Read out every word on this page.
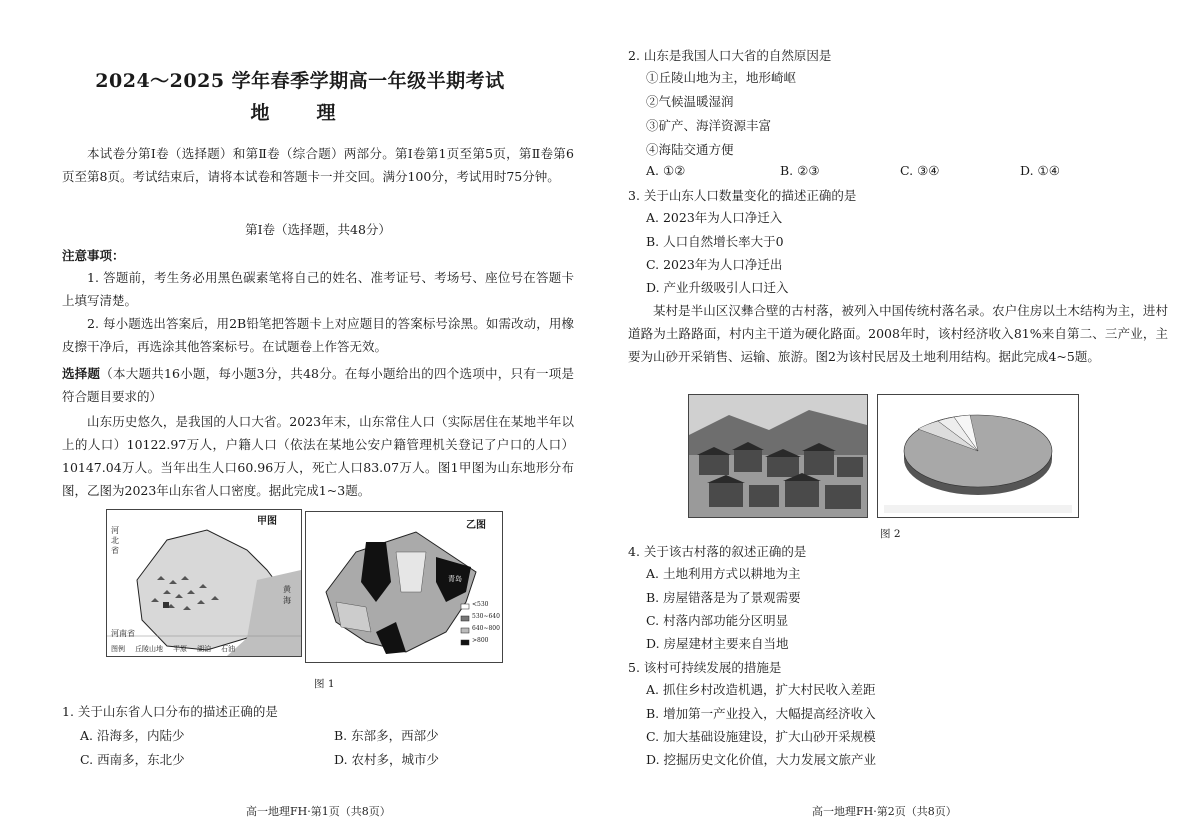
2024～2025 学年春季学期高一年级半期考试
地　理
本试卷分第Ⅰ卷（选择题）和第Ⅱ卷（综合题）两部分。第Ⅰ卷第1页至第5页，第Ⅱ卷第6页至第8页。考试结束后，请将本试卷和答题卡一并交回。满分100分，考试用时75分钟。
第Ⅰ卷（选择题，共48分）
注意事项：
1. 答题前，考生务必用黑色碳素笔将自己的姓名、准考证号、考场号、座位号在答题卡上填写清楚。
2. 每小题选出答案后，用2B铅笔把答题卡上对应题目的答案标号涂黑。如需改动，用橡皮擦干净后，再选涂其他答案标号。在试题卷上作答无效。
选择题（本大题共16小题，每小题3分，共48分。在每小题给出的四个选项中，只有一项是符合题目要求的）
山东历史悠久，是我国的人口大省。2023年末，山东常住人口（实际居住在某地半年以上的人口）10122.97万人，户籍人口（依法在某地公安户籍管理机关登记了户口的人口）10147.04万人。当年出生人口60.96万人，死亡人口83.07万人。图1甲图为山东地形分布图，乙图为2023年山东省人口密度。据此完成1~3题。
甲图
河北省
河南省
黄海
图例 丘陵山地 平原 湖泊 石油
乙图
青岛
<530
530~640
640~800
>800
图 1
1. 关于山东省人口分布的描述正确的是
A. 沿海多，内陆少	B. 东部多，西部少
C. 西南多，东北少	D. 农村多，城市少
高一地理FH·第1页（共8页）
2. 山东是我国人口大省的自然原因是
①丘陵山地为主，地形崎岖
②气候温暖湿润
③矿产、海洋资源丰富
④海陆交通方便
A. ①②	B. ②③	C. ③④	D. ①④
3. 关于山东人口数量变化的描述正确的是
A. 2023年为人口净迁入
B. 人口自然增长率大于0
C. 2023年为人口净迁出
D. 产业升级吸引人口迁入
某村是半山区汉彝合壁的古村落，被列入中国传统村落名录。农户住房以土木结构为主，进村道路为土路路面，村内主干道为硬化路面。2008年时，该村经济收入81%来自第二、三产业，主要为山砂开采销售、运输、旅游。图2为该村民居及土地利用结构。据此完成4~5题。
图 2
4. 关于该古村落的叙述正确的是
A. 土地利用方式以耕地为主
B. 房屋错落是为了景观需要
C. 村落内部功能分区明显
D. 房屋建材主要来自当地
5. 该村可持续发展的措施是
A. 抓住乡村改造机遇，扩大村民收入差距
B. 增加第一产业投入，大幅提高经济收入
C. 加大基础设施建设，扩大山砂开采规模
D. 挖掘历史文化价值，大力发展文旅产业
高一地理FH·第2页（共8页）
